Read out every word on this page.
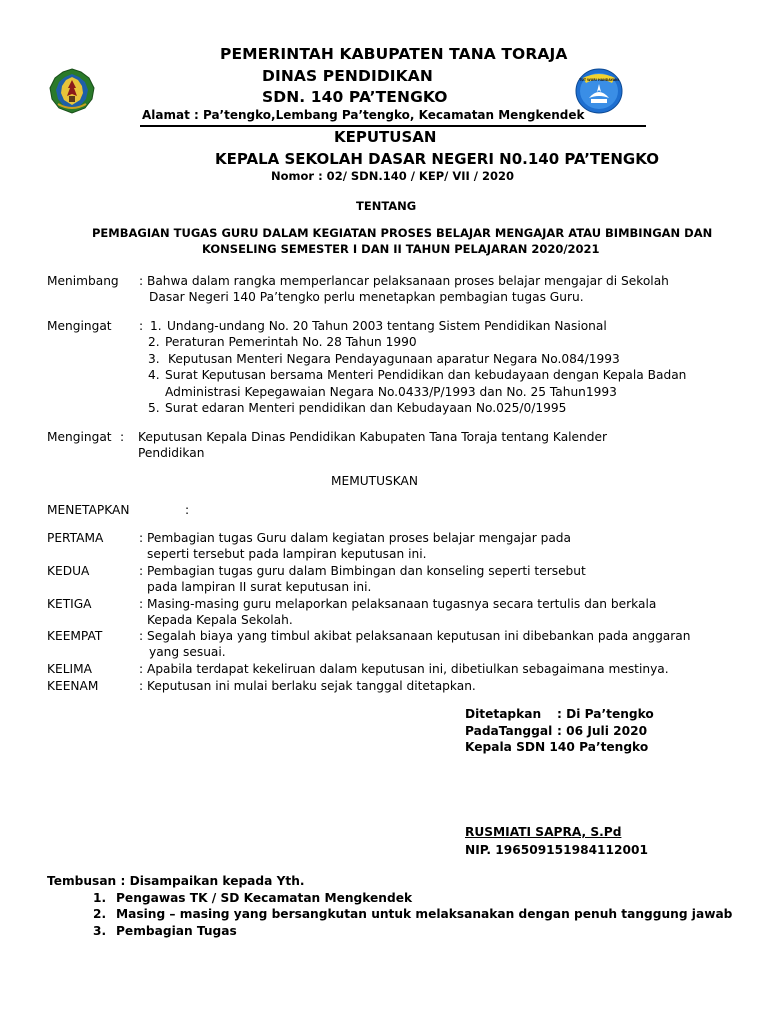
PEMERINTAH KABUPATEN TANA TORAJA
DINAS PENDIDIKAN
SDN. 140 PA’TENGKO
Alamat : Pa’tengko,Lembang Pa’tengko, Kecamatan Mengkendek
TUT WURI HANDAYANI
KEPUTUSAN
KEPALA SEKOLAH DASAR NEGERI N0.140 PA’TENGKO
Nomor : 02/ SDN.140 / KEP/ VII / 2020
TENTANG
PEMBAGIAN TUGAS GURU DALAM KEGIATAN PROSES BELAJAR MENGAJAR ATAU BIMBINGAN DAN
KONSELING SEMESTER I DAN II TAHUN PELAJARAN 2020/2021
Menimbang : Bahwa dalam rangka memperlancar pelaksanaan proses belajar mengajar di Sekolah
Dasar Negeri 140 Pa’tengko perlu menetapkan pembagian tugas Guru.
Mengingat : 1. Undang-undang No. 20 Tahun 2003 tentang Sistem Pendidikan Nasional
2. Peraturan Pemerintah No. 28 Tahun 1990
3. Keputusan Menteri Negara Pendayagunaan aparatur Negara No.084/1993
4. Surat Keputusan bersama Menteri Pendidikan dan kebudayaan dengan Kepala Badan
Administrasi Kepegawaian Negara No.0433/P/1993 dan No. 25 Tahun1993
5. Surat edaran Menteri pendidikan dan Kebudayaan No.025/0/1995
Mengingat : Keputusan Kepala Dinas Pendidikan Kabupaten Tana Toraja tentang Kalender
Pendidikan
MEMUTUSKAN
MENETAPKAN	:
PERTAMA	: Pembagian tugas Guru dalam kegiatan proses belajar mengajar pada
seperti tersebut pada lampiran keputusan ini.
KEDUA	: Pembagian tugas guru dalam Bimbingan dan konseling seperti tersebut
pada lampiran II surat keputusan ini.
KETIGA	: Masing-masing guru melaporkan pelaksanaan tugasnya secara tertulis dan berkala
Kepada Kepala Sekolah.
KEEMPAT	: Segalah biaya yang timbul akibat pelaksanaan keputusan ini dibebankan pada anggaran
yang sesuai.
KELIMA	: Apabila terdapat kekeliruan dalam keputusan ini, dibetiulkan sebagaimana mestinya.
KEENAM	: Keputusan ini mulai berlaku sejak tanggal ditetapkan.
Ditetapkan : Di Pa’tengko
PadaTanggal : 06 Juli 2020
Kepala SDN 140 Pa’tengko
RUSMIATI SAPRA, S.Pd
NIP. 196509151984112001
Tembusan : Disampaikan kepada Yth.
1. Pengawas TK / SD Kecamatan Mengkendek
2. Masing – masing yang bersangkutan untuk melaksanakan dengan penuh tanggung jawab
3. Pembagian Tugas
